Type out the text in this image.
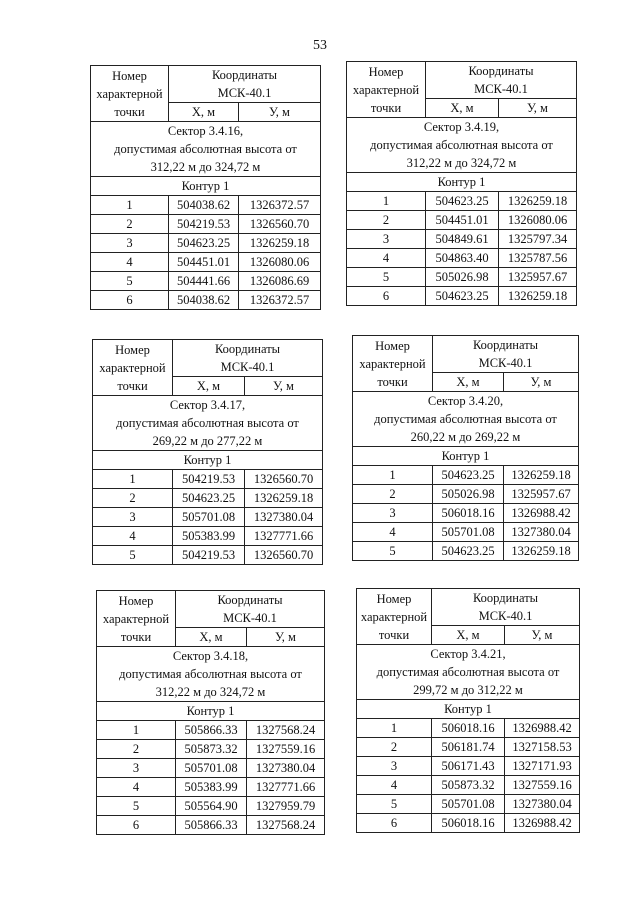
53
Номер
характерной
точки	Координаты
МСК-40.1	

	Х, м	У, м

Сектор 3.4.16,
допустимая абсолютная высота от
312,22 м до 324,72 м		

Контур 1		
1	504038.62	1326372.57
2	504219.53	1326560.70
3	504623.25	1326259.18
4	504451.01	1326080.06
5	504441.66	1326086.69
6	504038.62	1326372.57
Номер
характерной
точки	Координаты
МСК-40.1	

	Х, м	У, м

Сектор 3.4.19,
допустимая абсолютная высота от
312,22 м до 324,72 м		

Контур 1		
1	504623.25	1326259.18
2	504451.01	1326080.06
3	504849.61	1325797.34
4	504863.40	1325787.56
5	505026.98	1325957.67
6	504623.25	1326259.18
Номер
характерной
точки	Координаты
МСК-40.1	

	Х, м	У, м

Сектор 3.4.17,
допустимая абсолютная высота от
269,22 м до 277,22 м		

Контур 1		
1	504219.53	1326560.70
2	504623.25	1326259.18
3	505701.08	1327380.04
4	505383.99	1327771.66
5	504219.53	1326560.70
Номер
характерной
точки	Координаты
МСК-40.1	

	Х, м	У, м

Сектор 3.4.20,
допустимая абсолютная высота от
260,22 м до 269,22 м		

Контур 1		
1	504623.25	1326259.18
2	505026.98	1325957.67
3	506018.16	1326988.42
4	505701.08	1327380.04
5	504623.25	1326259.18
Номер
характерной
точки	Координаты
МСК-40.1	

	Х, м	У, м

Сектор 3.4.18,
допустимая абсолютная высота от
312,22 м до 324,72 м		

Контур 1		
1	505866.33	1327568.24
2	505873.32	1327559.16
3	505701.08	1327380.04
4	505383.99	1327771.66
5	505564.90	1327959.79
6	505866.33	1327568.24
Номер
характерной
точки	Координаты
МСК-40.1	

	Х, м	У, м

Сектор 3.4.21,
допустимая абсолютная высота от
299,72 м до 312,22 м		

Контур 1		
1	506018.16	1326988.42
2	506181.74	1327158.53
3	506171.43	1327171.93
4	505873.32	1327559.16
5	505701.08	1327380.04
6	506018.16	1326988.42
